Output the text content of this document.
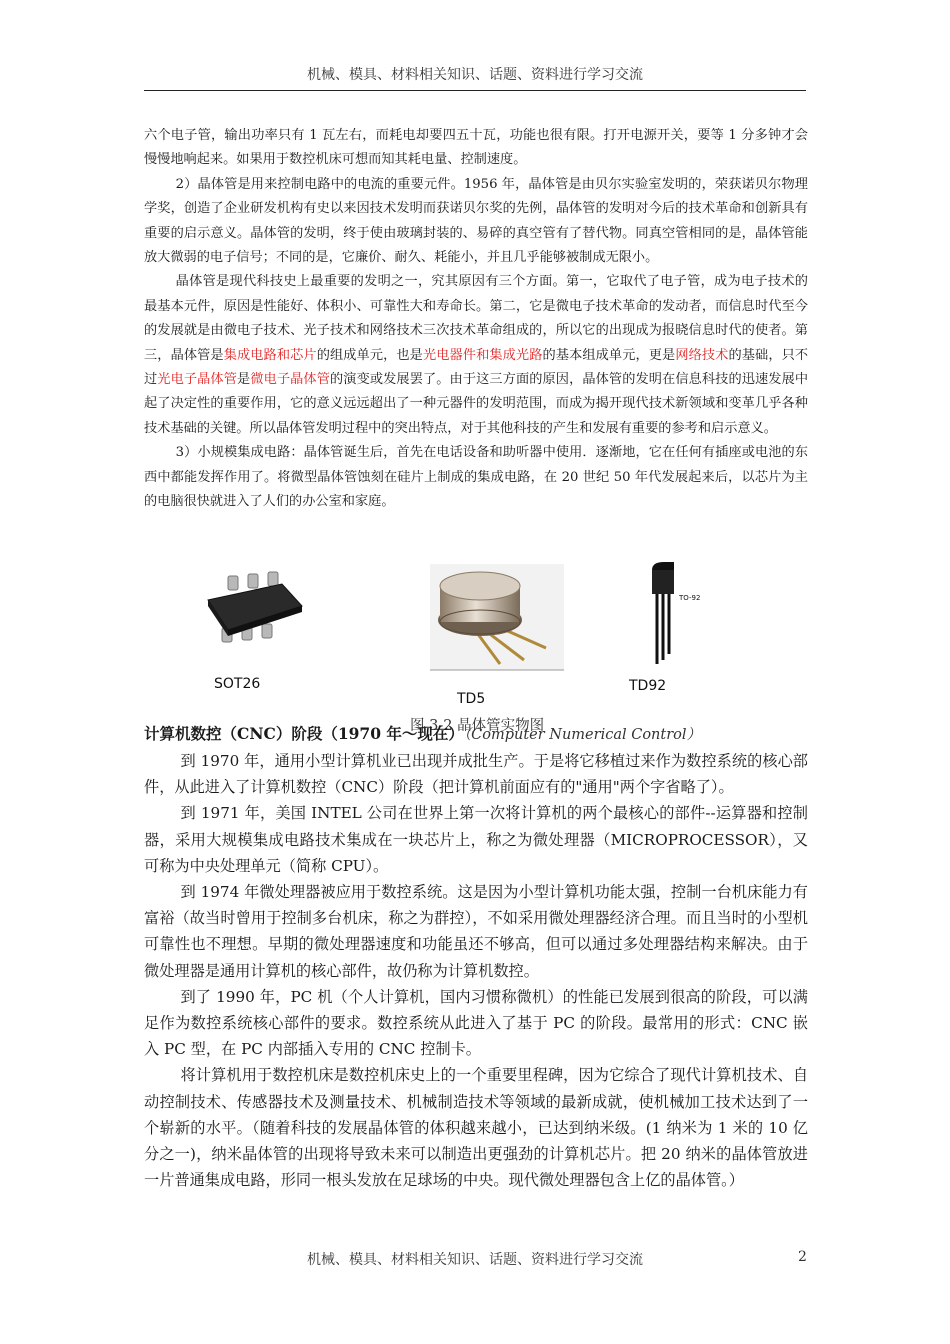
机械、模具、材料相关知识、话题、资料进行学习交流

六个电子管，输出功率只有 1 瓦左右，而耗电却要四五十瓦，功能也很有限。打开电源开关，要等 1 分多钟才会慢慢地响起来。如果用于数控机床可想而知其耗电量、控制速度。

2）晶体管是用来控制电路中的电流的重要元件。1956 年，晶体管是由贝尔实验室发明的，荣获诺贝尔物理学奖，创造了企业研发机构有史以来因技术发明而获诺贝尔奖的先例，晶体管的发明对今后的技术革命和创新具有重要的启示意义。晶体管的发明，终于使由玻璃封装的、易碎的真空管有了替代物。同真空管相同的是，晶体管能放大微弱的电子信号；不同的是，它廉价、耐久、耗能小，并且几乎能够被制成无限小。

晶体管是现代科技史上最重要的发明之一，究其原因有三个方面。第一，它取代了电子管，成为电子技术的最基本元件，原因是性能好、体积小、可靠性大和寿命长。第二，它是微电子技术革命的发动者，而信息时代至今的发展就是由微电子技术、光子技术和网络技术三次技术革命组成的，所以它的出现成为报晓信息时代的使者。第三，晶体管是集成电路和芯片的组成单元，也是光电器件和集成光路的基本组成单元，更是网络技术的基础，只不过光电子晶体管是微电子晶体管的演变或发展罢了。由于这三方面的原因，晶体管的发明在信息科技的迅速发展中起了决定性的重要作用，它的意义远远超出了一种元器件的发明范围，而成为揭开现代技术新领域和变革几乎各种技术基础的关键。所以晶体管发明过程中的突出特点，对于其他科技的产生和发展有重要的参考和启示意义。

3）小规模集成电路：晶体管诞生后，首先在电话设备和助听器中使用．逐渐地，它在任何有插座或电池的东西中都能发挥作用了。将微型晶体管蚀刻在硅片上制成的集成电路，在 20 世纪 50 年代发展起来后，以芯片为主的电脑很快就进入了人们的办公室和家庭。

SOT26
TD5
TO-92
TD92
图 3-2 晶体管实物图
计算机数控（CNC）阶段（1970 年～现在）（Computer Numerical Control）

到 1970 年，通用小型计算机业已出现并成批生产。于是将它移植过来作为数控系统的核心部件，从此进入了计算机数控（CNC）阶段（把计算机前面应有的"通用"两个字省略了）。

到 1971 年，美国 INTEL 公司在世界上第一次将计算机的两个最核心的部件--运算器和控制器，采用大规模集成电路技术集成在一块芯片上，称之为微处理器（MICROPROCESSOR），又可称为中央处理单元（简称 CPU）。

到 1974 年微处理器被应用于数控系统。这是因为小型计算机功能太强，控制一台机床能力有富裕（故当时曾用于控制多台机床，称之为群控），不如采用微处理器经济合理。而且当时的小型机可靠性也不理想。早期的微处理器速度和功能虽还不够高，但可以通过多处理器结构来解决。由于微处理器是通用计算机的核心部件，故仍称为计算机数控。

到了 1990 年，PC 机（个人计算机，国内习惯称微机）的性能已发展到很高的阶段，可以满足作为数控系统核心部件的要求。数控系统从此进入了基于 PC 的阶段。最常用的形式：CNC 嵌入 PC 型，在 PC 内部插入专用的 CNC 控制卡。

将计算机用于数控机床是数控机床史上的一个重要里程碑，因为它综合了现代计算机技术、自动控制技术、传感器技术及测量技术、机械制造技术等领域的最新成就，使机械加工技术达到了一个崭新的水平。（随着科技的发展晶体管的体积越来越小，已达到纳米级。(1 纳米为 1 米的 10 亿分之一)，纳米晶体管的出现将导致未来可以制造出更强劲的计算机芯片。把 20 纳米的晶体管放进一片普通集成电路，形同一根头发放在足球场的中央。现代微处理器包含上亿的晶体管。）

机械、模具、材料相关知识、话题、资料进行学习交流	2
